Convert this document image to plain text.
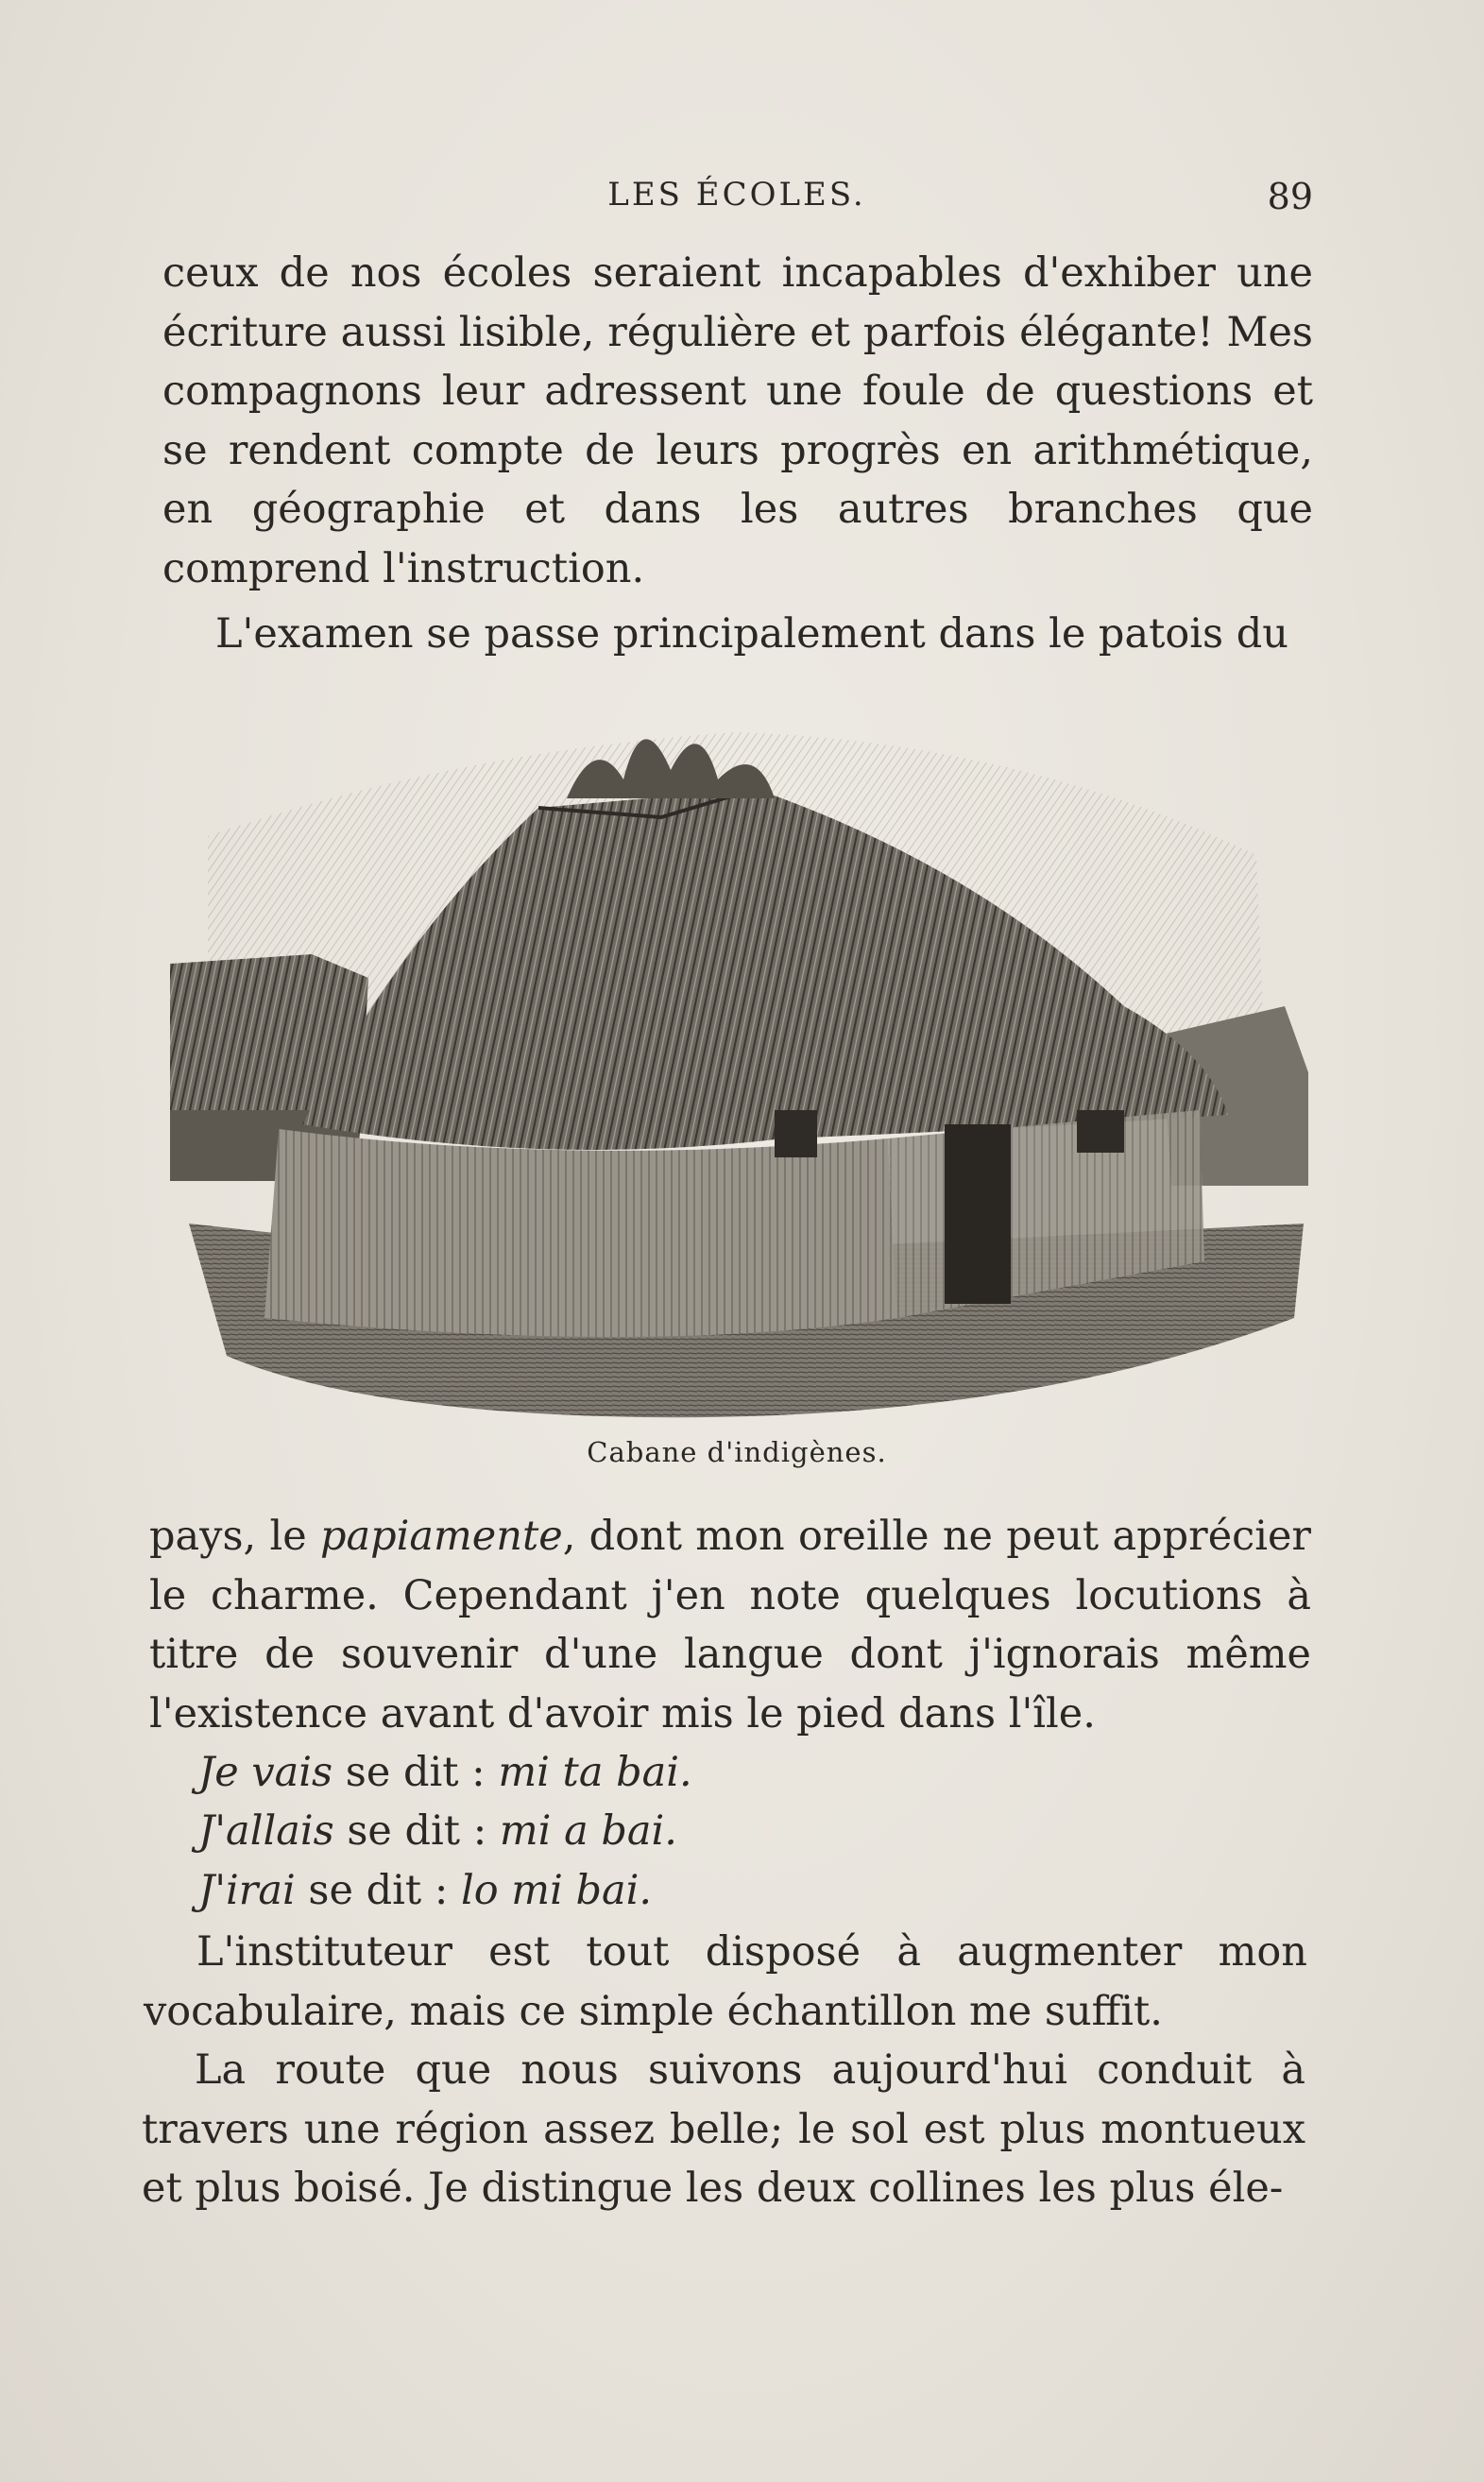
LES ÉCOLES.	89

ceux de nos écoles seraient incapables d'exhiber une écriture aussi lisible, régulière et parfois élégante! Mes compagnons leur adressent une foule de questions et se rendent compte de leurs progrès en arithmétique, en géographie et dans les autres branches que comprend l'instruction.

L'examen se passe principalement dans le patois du

Cabane d'indigènes.

pays, le papiamente, dont mon oreille ne peut apprécier le charme. Cependant j'en note quelques locutions à titre de souvenir d'une langue dont j'ignorais même l'existence avant d'avoir mis le pied dans l'île.

Je vais se dit : mi ta bai.

J'allais se dit : mi a bai.

J'irai se dit : lo mi bai.

L'instituteur est tout disposé à augmenter mon vocabulaire, mais ce simple échantillon me suffit.

La route que nous suivons aujourd'hui conduit à travers une région assez belle; le sol est plus montueux et plus boisé. Je distingue les deux collines les plus éle-
